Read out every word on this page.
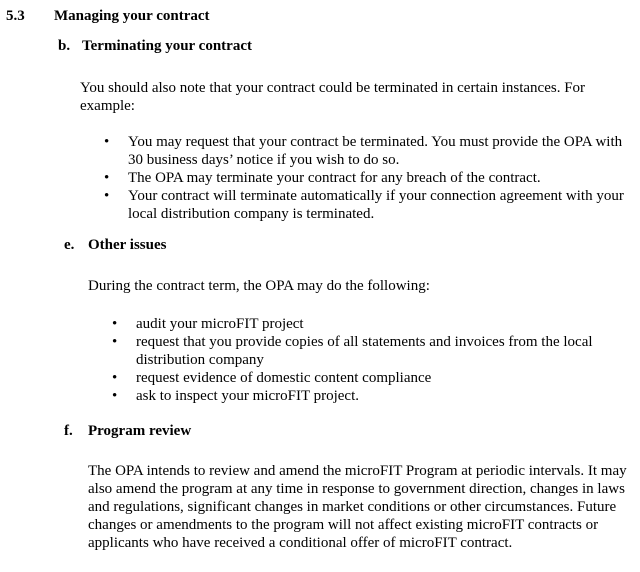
5.3 Managing your contract
b. Terminating your contract

You should also note that your contract could be terminated in certain instances. For example:

• You may request that your contract be terminated. You must provide the OPA with 30 business days’ notice if you wish to do so.
• The OPA may terminate your contract for any breach of the contract.
• Your contract will terminate automatically if your connection agreement with your local distribution company is terminated.
e. Other issues

During the contract term, the OPA may do the following:

• audit your microFIT project
• request that you provide copies of all statements and invoices from the local distribution company
• request evidence of domestic content compliance
• ask to inspect your microFIT project.
f. Program review

The OPA intends to review and amend the microFIT Program at periodic intervals. It may also amend the program at any time in response to government direction, changes in laws and regulations, significant changes in market conditions or other circumstances. Future changes or amendments to the program will not affect existing microFIT contracts or applicants who have received a conditional offer of microFIT contract.
